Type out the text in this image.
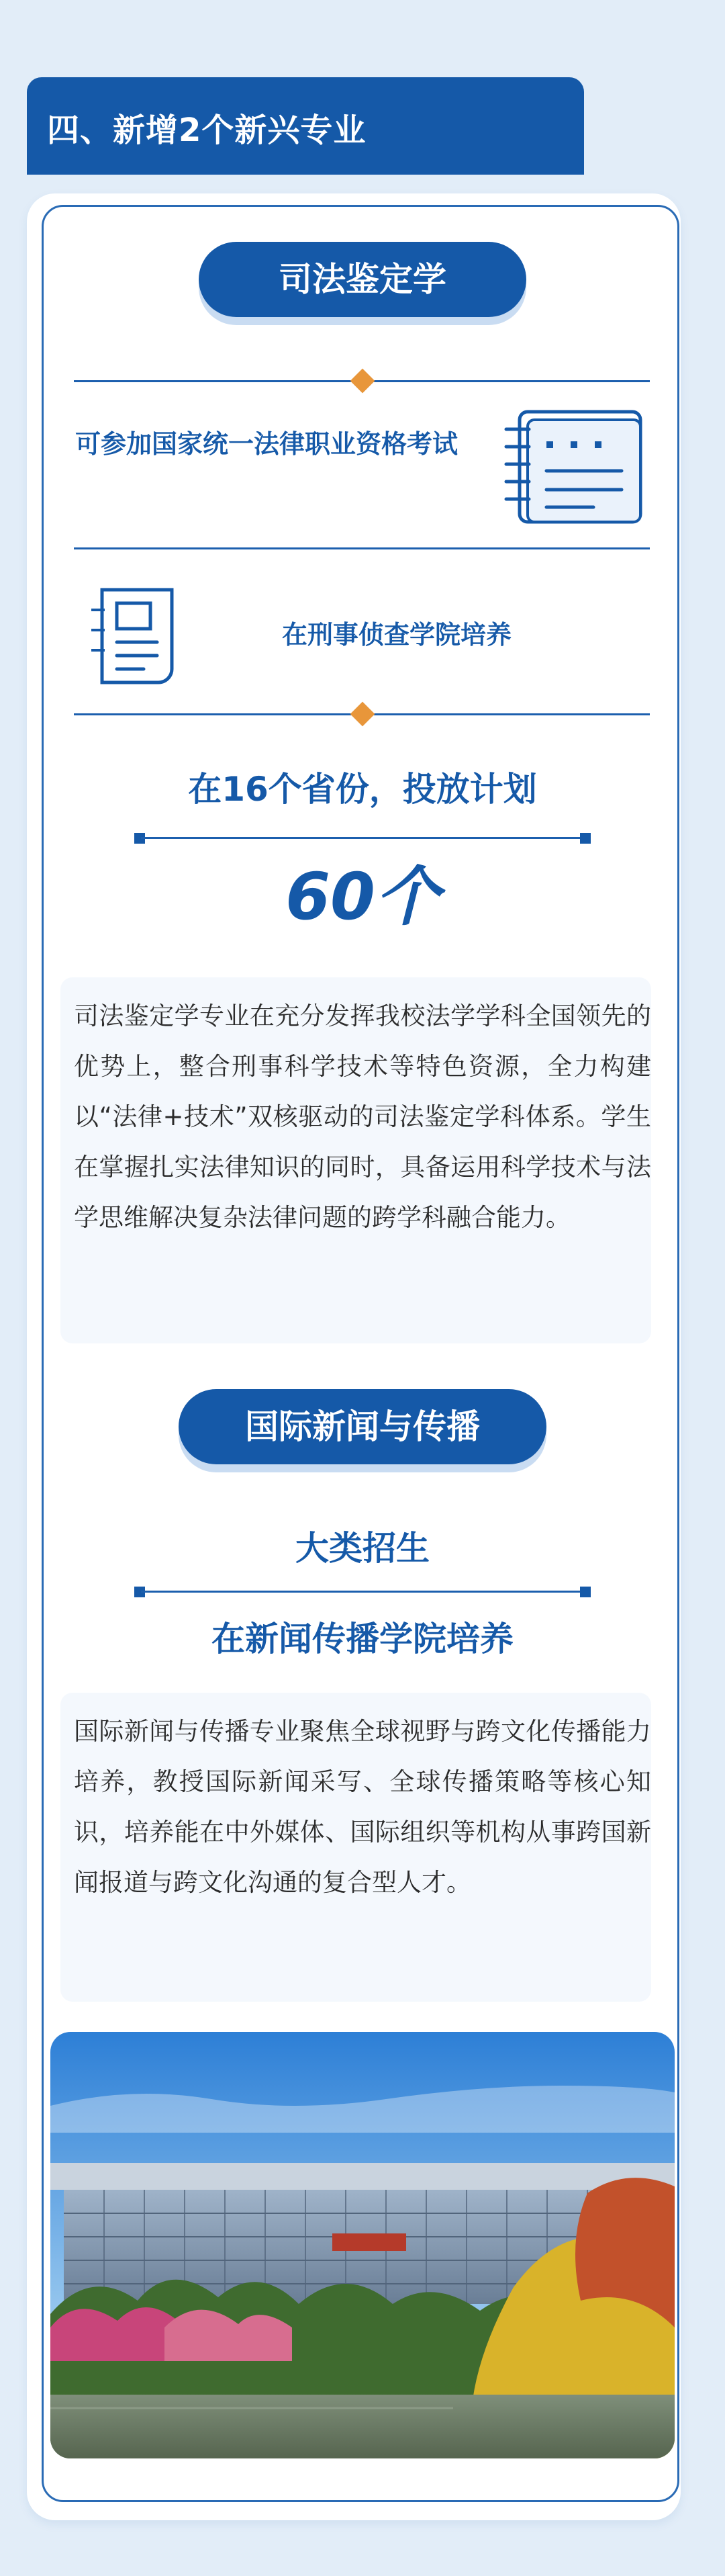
四、新增2个新兴专业
司法鉴定学
可参加国家统一法律职业资格考试
在刑事侦查学院培养
在16个省份，投放计划
60个
司法鉴定学专业在充分发挥我校法学学科全国领先的优势上，整合刑事科学技术等特色资源，全力构建以“法律+技术”双核驱动的司法鉴定学科体系。学生在掌握扎实法律知识的同时，具备运用科学技术与法学思维解决复杂法律问题的跨学科融合能力。
国际新闻与传播
大类招生
在新闻传播学院培养
国际新闻与传播专业聚焦全球视野与跨文化传播能力培养，教授国际新闻采写、全球传播策略等核心知识，培养能在中外媒体、国际组织等机构从事跨国新闻报道与跨文化沟通的复合型人才。
